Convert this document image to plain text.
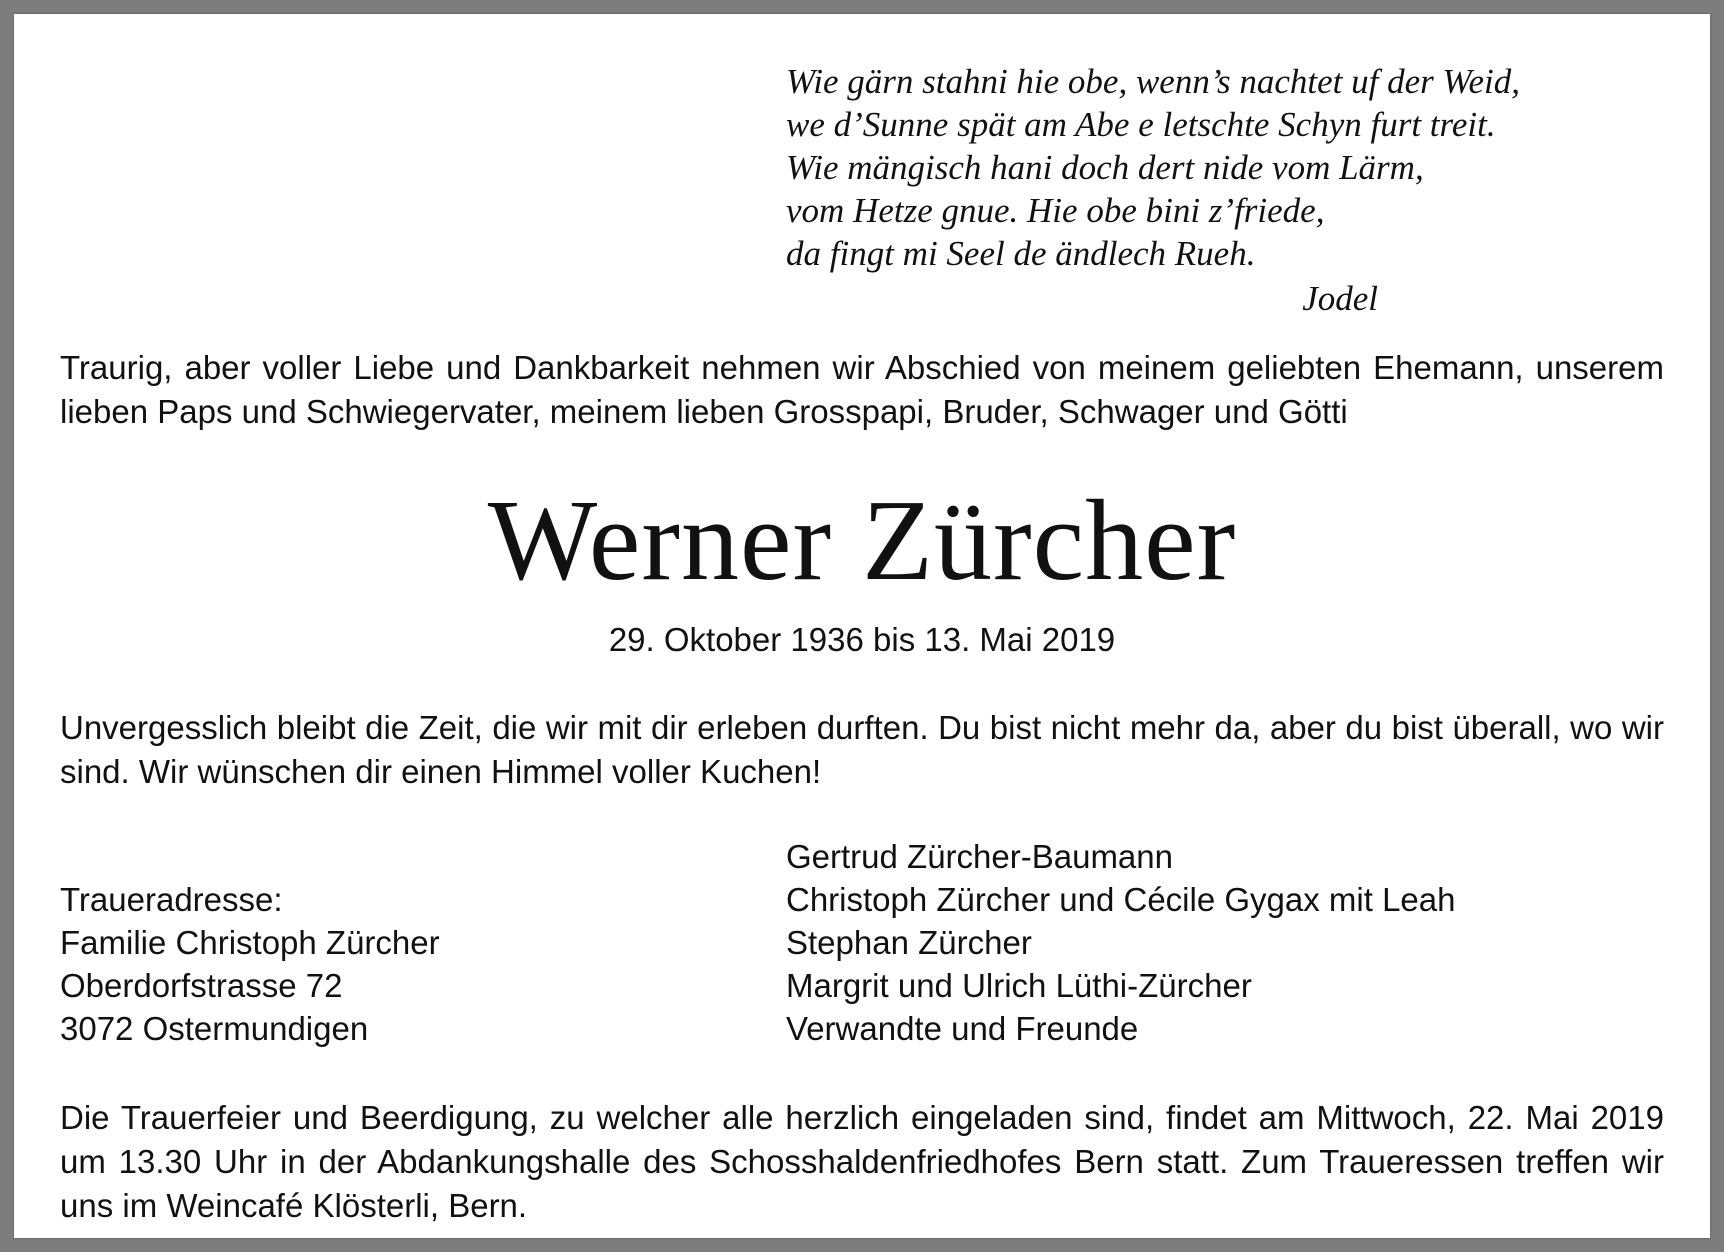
Wie gärn stahni hie obe, wenn’s nachtet uf der Weid,
we d’Sunne spät am Abe e letschte Schyn furt treit.
Wie mängisch hani doch dert nide vom Lärm,
vom Hetze gnue. Hie obe bini z’friede,
da fingt mi Seel de ändlech Rueh.
Jodel
Traurig, aber voller Liebe und Dankbarkeit nehmen wir Abschied von meinem geliebten Ehemann, unserem lieben Paps und Schwiegervater, meinem lieben Grosspapi, Bruder, Schwager und Götti
Werner Zürcher
29. Oktober 1936 bis 13. Mai 2019
Unvergesslich bleibt die Zeit, die wir mit dir erleben durften. Du bist nicht mehr da, aber du bist überall, wo wir sind. Wir wünschen dir einen Himmel voller Kuchen!
Traueradresse:
Familie Christoph Zürcher
Oberdorfstrasse 72
3072 Ostermundigen
Gertrud Zürcher-Baumann
Christoph Zürcher und Cécile Gygax mit Leah
Stephan Zürcher
Margrit und Ulrich Lüthi-Zürcher
Verwandte und Freunde
Die Trauerfeier und Beerdigung, zu welcher alle herzlich eingeladen sind, findet am Mittwoch, 22. Mai 2019 um 13.30 Uhr in der Abdankungshalle des Schosshaldenfriedhofes Bern statt. Zum Traueressen treffen wir uns im Weincafé Klösterli, Bern.
